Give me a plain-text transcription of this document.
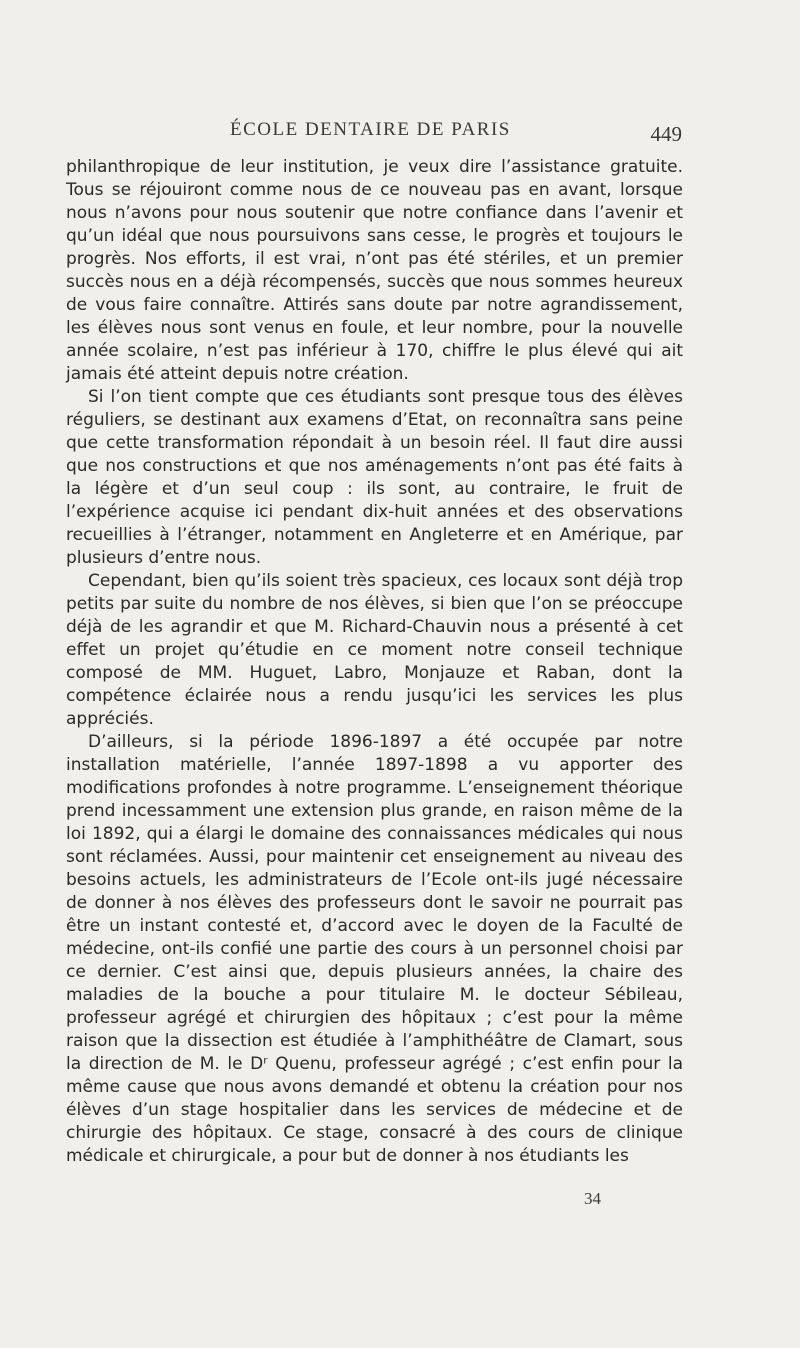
ÉCOLE DENTAIRE DE PARIS	449

philanthropique de leur institution, je veux dire l’assistance gratuite. Tous se réjouiront comme nous de ce nouveau pas en avant, lorsque nous n’avons pour nous soutenir que notre confiance dans l’avenir et qu’un idéal que nous poursuivons sans cesse, le progrès et toujours le progrès. Nos efforts, il est vrai, n’ont pas été stériles, et un premier succès nous en a déjà récompensés, succès que nous sommes heureux de vous faire connaître. Attirés sans doute par notre agrandissement, les élèves nous sont venus en foule, et leur nombre, pour la nouvelle année scolaire, n’est pas inférieur à 170, chiffre le plus élevé qui ait jamais été atteint depuis notre création.

Si l’on tient compte que ces étudiants sont presque tous des élèves réguliers, se destinant aux examens d’Etat, on reconnaîtra sans peine que cette transformation répondait à un besoin réel. Il faut dire aussi que nos constructions et que nos aménagements n’ont pas été faits à la légère et d’un seul coup : ils sont, au contraire, le fruit de l’expérience acquise ici pendant dix-huit années et des observations recueillies à l’étranger, notamment en Angleterre et en Amérique, par plusieurs d’entre nous.

Cependant, bien qu’ils soient très spacieux, ces locaux sont déjà trop petits par suite du nombre de nos élèves, si bien que l’on se préoccupe déjà de les agrandir et que M. Richard-Chauvin nous a présenté à cet effet un projet qu’étudie en ce moment notre conseil technique composé de MM. Huguet, Labro, Monjauze et Raban, dont la compétence éclairée nous a rendu jusqu’ici les services les plus appréciés.

D’ailleurs, si la période 1896-1897 a été occupée par notre installation matérielle, l’année 1897-1898 a vu apporter des modifications profondes à notre programme. L’enseignement théorique prend incessamment une extension plus grande, en raison même de la loi 1892, qui a élargi le domaine des connaissances médicales qui nous sont réclamées. Aussi, pour maintenir cet enseignement au niveau des besoins actuels, les administrateurs de l’Ecole ont-ils jugé nécessaire de donner à nos élèves des professeurs dont le savoir ne pourrait pas être un instant contesté et, d’accord avec le doyen de la Faculté de médecine, ont-ils confié une partie des cours à un personnel choisi par ce dernier. C’est ainsi que, depuis plusieurs années, la chaire des maladies de la bouche a pour titulaire M. le docteur Sébileau, professeur agrégé et chirurgien des hôpitaux ; c’est pour la même raison que la dissection est étudiée à l’amphithéâtre de Clamart, sous la direction de M. le Dʳ Quenu, professeur agrégé ; c’est enfin pour la même cause que nous avons demandé et obtenu la création pour nos élèves d’un stage hospitalier dans les services de médecine et de chirurgie des hôpitaux. Ce stage, consacré à des cours de clinique médicale et chirurgicale, a pour but de donner à nos étudiants les

34
